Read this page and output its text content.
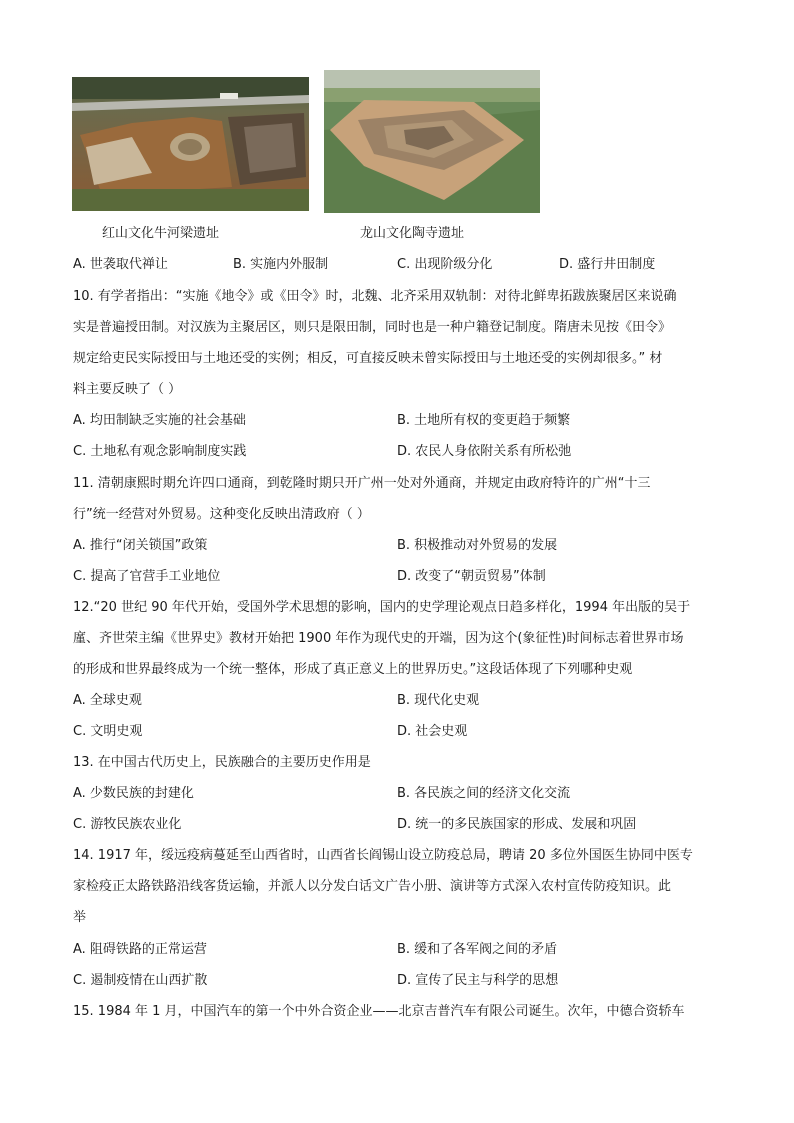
红山文化牛河梁遗址	龙山文化陶寺遗址
A. 世袭取代禅让	B. 实施内外服制	C. 出现阶级分化	D. 盛行井田制度
10. 有学者指出：“实施《地令》或《田令》时，北魏、北齐采用双轨制：对待北鲜卑拓跋族聚居区来说确
实是普遍授田制。对汉族为主聚居区，则只是限田制，同时也是一种户籍登记制度。隋唐未见按《田令》
规定给吏民实际授田与土地还受的实例；相反，可直接反映未曾实际授田与土地还受的实例却很多。” 材
料主要反映了（ ）
A. 均田制缺乏实施的社会基础	B. 土地所有权的变更趋于频繁
C. 土地私有观念影响制度实践	D. 农民人身依附关系有所松弛
11. 清朝康熙时期允许四口通商，到乾隆时期只开广州一处对外通商，并规定由政府特许的广州“十三
行”统一经营对外贸易。这种变化反映出清政府（ ）
A. 推行“闭关锁国”政策	B. 积极推动对外贸易的发展
C. 提高了官营手工业地位	D. 改变了“朝贡贸易”体制
12.“20 世纪 90 年代开始，受国外学术思想的影响，国内的史学理论观点日趋多样化，1994 年出版的吴于
廑、齐世荣主编《世界史》教材开始把 1900 年作为现代史的开端，因为这个(象征性)时间标志着世界市场
的形成和世界最终成为一个统一整体，形成了真正意义上的世界历史。”这段话体现了下列哪种史观
A. 全球史观	B. 现代化史观
C. 文明史观	D. 社会史观
13. 在中国古代历史上，民族融合的主要历史作用是
A. 少数民族的封建化	B. 各民族之间的经济文化交流
C. 游牧民族农业化	D. 统一的多民族国家的形成、发展和巩固
14. 1917 年，绥远疫病蔓延至山西省时，山西省长阎锡山设立防疫总局，聘请 20 多位外国医生协同中医专
家检疫正太路铁路沿线客货运输，并派人以分发白话文广告小册、演讲等方式深入农村宣传防疫知识。此
举
A. 阻碍铁路的正常运营	B. 缓和了各军阀之间的矛盾
C. 遏制疫情在山西扩散	D. 宣传了民主与科学的思想
15. 1984 年 1 月，中国汽车的第一个中外合资企业——北京吉普汽车有限公司诞生。次年，中德合资轿车
